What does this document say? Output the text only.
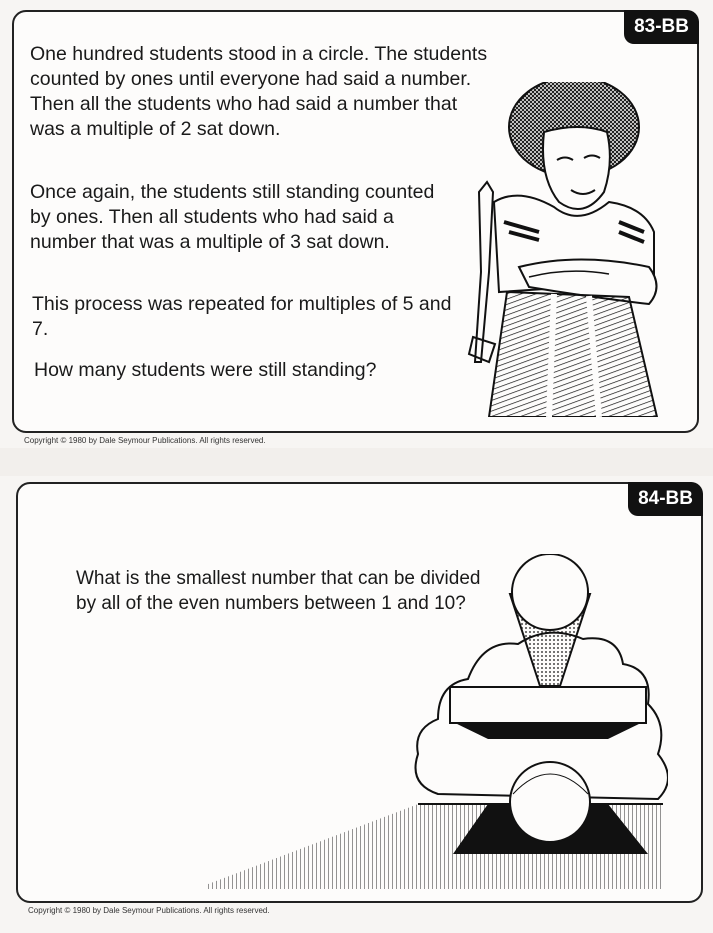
83-BB

One hundred students stood in a circle. The students counted by ones until everyone had said a number. Then all the students who had said a number that was a multiple of 2 sat down.

Once again, the students still standing counted by ones. Then all students who had said a number that was a multiple of 3 sat down.

This process was repeated for multiples of 5 and 7.

How many students were still standing?

Copyright © 1980 by Dale Seymour Publications. All rights reserved.
84-BB

What is the smallest number that can be divided by all of the even numbers between 1 and 10?

Copyright © 1980 by Dale Seymour Publications. All rights reserved.
